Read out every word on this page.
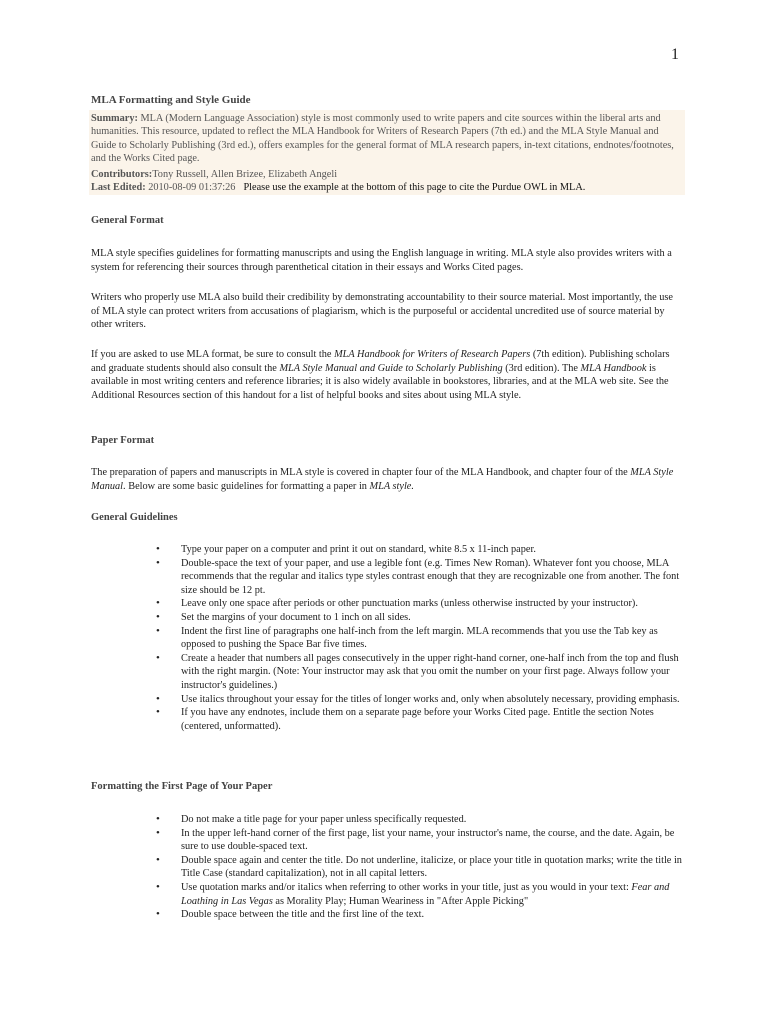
1
MLA Formatting and Style Guide

Summary: MLA (Modern Language Association) style is most commonly used to write papers and cite sources within the liberal arts and humanities. This resource, updated to reflect the MLA Handbook for Writers of Research Papers (7th ed.) and the MLA Style Manual and Guide to Scholarly Publishing (3rd ed.), offers examples for the general format of MLA research papers, in-text citations, endnotes/footnotes, and the Works Cited page.

Contributors:Tony Russell, Allen Brizee, Elizabeth Angeli

Last Edited: 2010-08-09 01:37:26 Please use the example at the bottom of this page to cite the Purdue OWL in MLA.

General Format

MLA style specifies guidelines for formatting manuscripts and using the English language in writing. MLA style also provides writers with a system for referencing their sources through parenthetical citation in their essays and Works Cited pages.

Writers who properly use MLA also build their credibility by demonstrating accountability to their source material. Most importantly, the use of MLA style can protect writers from accusations of plagiarism, which is the purposeful or accidental uncredited use of source material by other writers.

If you are asked to use MLA format, be sure to consult the MLA Handbook for Writers of Research Papers (7th edition). Publishing scholars and graduate students should also consult the MLA Style Manual and Guide to Scholarly Publishing (3rd edition). The MLA Handbook is available in most writing centers and reference libraries; it is also widely available in bookstores, libraries, and at the MLA web site. See the Additional Resources section of this handout for a list of helpful books and sites about using MLA style.

Paper Format

The preparation of papers and manuscripts in MLA style is covered in chapter four of the MLA Handbook, and chapter four of the MLA Style Manual. Below are some basic guidelines for formatting a paper in MLA style.

General Guidelines
• Type your paper on a computer and print it out on standard, white 8.5 x 11-inch paper.
• Double-space the text of your paper, and use a legible font (e.g. Times New Roman). Whatever font you choose, MLA recommends that the regular and italics type styles contrast enough that they are recognizable one from another. The font size should be 12 pt.
• Leave only one space after periods or other punctuation marks (unless otherwise instructed by your instructor).
• Set the margins of your document to 1 inch on all sides.
• Indent the first line of paragraphs one half-inch from the left margin. MLA recommends that you use the Tab key as opposed to pushing the Space Bar five times.
• Create a header that numbers all pages consecutively in the upper right-hand corner, one-half inch from the top and flush with the right margin. (Note: Your instructor may ask that you omit the number on your first page. Always follow your instructor's guidelines.)
• Use italics throughout your essay for the titles of longer works and, only when absolutely necessary, providing emphasis.
• If you have any endnotes, include them on a separate page before your Works Cited page. Entitle the section Notes (centered, unformatted).
Formatting the First Page of Your Paper
• Do not make a title page for your paper unless specifically requested.
• In the upper left-hand corner of the first page, list your name, your instructor's name, the course, and the date. Again, be sure to use double-spaced text.
• Double space again and center the title. Do not underline, italicize, or place your title in quotation marks; write the title in Title Case (standard capitalization), not in all capital letters.
• Use quotation marks and/or italics when referring to other works in your title, just as you would in your text: Fear and Loathing in Las Vegas as Morality Play; Human Weariness in "After Apple Picking"
• Double space between the title and the first line of the text.
